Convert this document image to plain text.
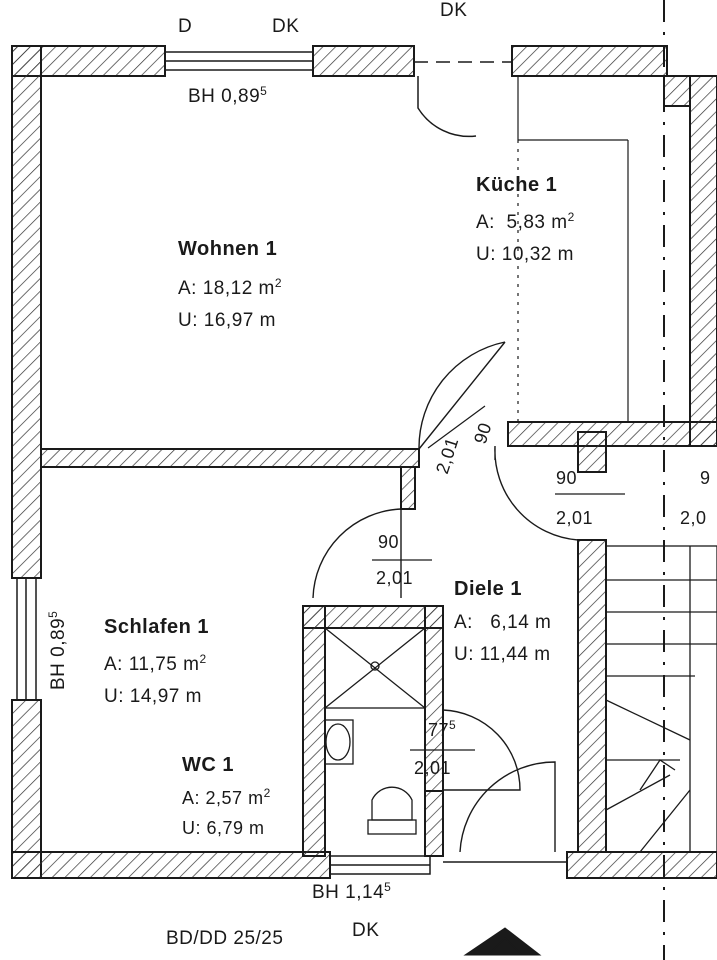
D	DK
DK
BH 0,89$^5$
Wohnen 1
A: 18,12 $m^2$
U: 16,97 m
Küche 1
A: 5,83 $m^2$
U: 10,32 m
2,01
90
90
2,01
9
2,0
90
2,01 Diele 1
A: 6,14 m
U: 11,44 m
Schlafen 1
A: 11,75 $m^2$
U: 14,97 m
BH 0,89$^5$
$77^5$
2,01
WC 1
A: 2,57 $m^2$
U: 6,79 m
BH 1,14$^5$
BD/DD 25/25	DK
